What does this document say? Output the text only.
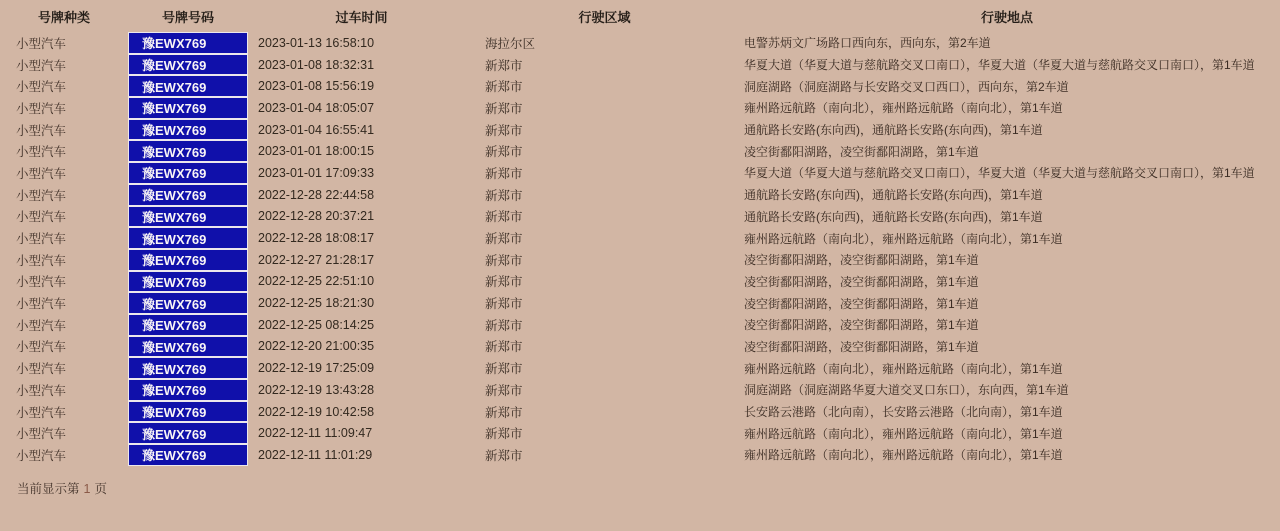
号牌种类	号牌号码	过车时间	行驶区域	行驶地点
小型汽车	豫EWX769	2023-01-13 16:58:10	海拉尔区	电警苏炳文广场路口西向东，西向东，第2车道
小型汽车	豫EWX769	2023-01-08 18:32:31	新郑市	华夏大道（华夏大道与慈航路交叉口南口），华夏大道（华夏大道与慈航路交叉口南口），第1车道
小型汽车	豫EWX769	2023-01-08 15:56:19	新郑市	洞庭湖路（洞庭湖路与长安路交叉口西口），西向东，第2车道
小型汽车	豫EWX769	2023-01-04 18:05:07	新郑市	雍州路远航路（南向北），雍州路远航路（南向北），第1车道
小型汽车	豫EWX769	2023-01-04 16:55:41	新郑市	通航路长安路(东向西)，通航路长安路(东向西)，第1车道
小型汽车	豫EWX769	2023-01-01 18:00:15	新郑市	凌空街鄱阳湖路，凌空街鄱阳湖路，第1车道
小型汽车	豫EWX769	2023-01-01 17:09:33	新郑市	华夏大道（华夏大道与慈航路交叉口南口），华夏大道（华夏大道与慈航路交叉口南口），第1车道
小型汽车	豫EWX769	2022-12-28 22:44:58	新郑市	通航路长安路(东向西)，通航路长安路(东向西)，第1车道
小型汽车	豫EWX769	2022-12-28 20:37:21	新郑市	通航路长安路(东向西)，通航路长安路(东向西)，第1车道
小型汽车	豫EWX769	2022-12-28 18:08:17	新郑市	雍州路远航路（南向北），雍州路远航路（南向北），第1车道
小型汽车	豫EWX769	2022-12-27 21:28:17	新郑市	凌空街鄱阳湖路，凌空街鄱阳湖路，第1车道
小型汽车	豫EWX769	2022-12-25 22:51:10	新郑市	凌空街鄱阳湖路，凌空街鄱阳湖路，第1车道
小型汽车	豫EWX769	2022-12-25 18:21:30	新郑市	凌空街鄱阳湖路，凌空街鄱阳湖路，第1车道
小型汽车	豫EWX769	2022-12-25 08:14:25	新郑市	凌空街鄱阳湖路，凌空街鄱阳湖路，第1车道
小型汽车	豫EWX769	2022-12-20 21:00:35	新郑市	凌空街鄱阳湖路，凌空街鄱阳湖路，第1车道
小型汽车	豫EWX769	2022-12-19 17:25:09	新郑市	雍州路远航路（南向北），雍州路远航路（南向北），第1车道
小型汽车	豫EWX769	2022-12-19 13:43:28	新郑市	洞庭湖路（洞庭湖路华夏大道交叉口东口），东向西，第1车道
小型汽车	豫EWX769	2022-12-19 10:42:58	新郑市	长安路云港路（北向南），长安路云港路（北向南），第1车道
小型汽车	豫EWX769	2022-12-11 11:09:47	新郑市	雍州路远航路（南向北），雍州路远航路（南向北），第1车道
小型汽车	豫EWX769	2022-12-11 11:01:29	新郑市	雍州路远航路（南向北），雍州路远航路（南向北），第1车道
当前显示第 1 页
